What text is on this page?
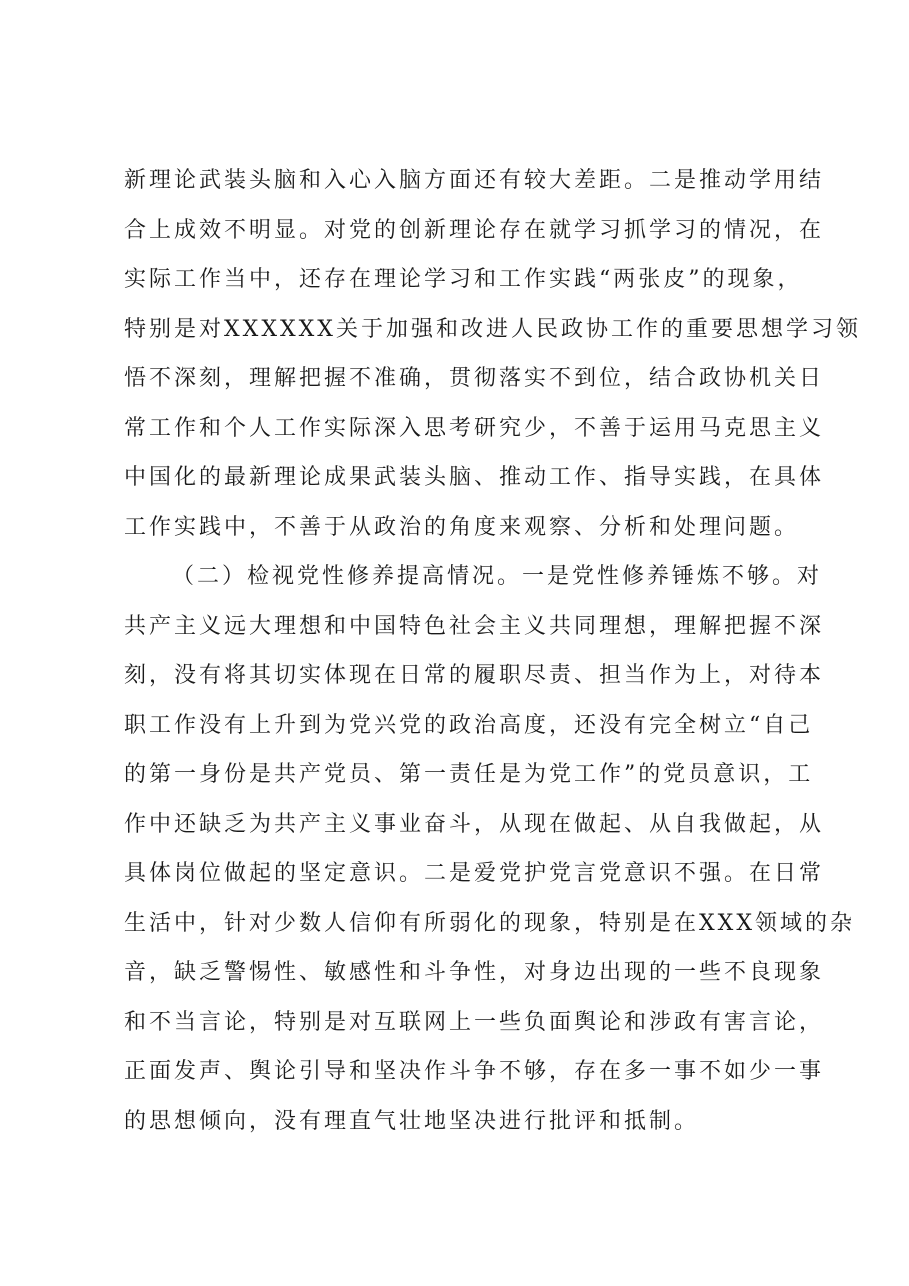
新理论武装头脑和入心入脑方面还有较大差距。二是推动学用结
合上成效不明显。对党的创新理论存在就学习抓学习的情况，在
实际工作当中，还存在理论学习和工作实践“两张皮”的现象，
特别是对XXXXXX关于加强和改进人民政协工作的重要思想学习领
悟不深刻，理解把握不准确，贯彻落实不到位，结合政协机关日
常工作和个人工作实际深入思考研究少，不善于运用马克思主义
中国化的最新理论成果武装头脑、推动工作、指导实践，在具体
工作实践中，不善于从政治的角度来观察、分析和处理问题。
（二）检视党性修养提高情况。一是党性修养锤炼不够。对
共产主义远大理想和中国特色社会主义共同理想，理解把握不深
刻，没有将其切实体现在日常的履职尽责、担当作为上，对待本
职工作没有上升到为党兴党的政治高度，还没有完全树立“自己
的第一身份是共产党员、第一责任是为党工作”的党员意识，工
作中还缺乏为共产主义事业奋斗，从现在做起、从自我做起，从
具体岗位做起的坚定意识。二是爱党护党言党意识不强。在日常
生活中，针对少数人信仰有所弱化的现象，特别是在XXX领域的杂
音，缺乏警惕性、敏感性和斗争性，对身边出现的一些不良现象
和不当言论，特别是对互联网上一些负面舆论和涉政有害言论，
正面发声、舆论引导和坚决作斗争不够，存在多一事不如少一事
的思想倾向，没有理直气壮地坚决进行批评和抵制。
